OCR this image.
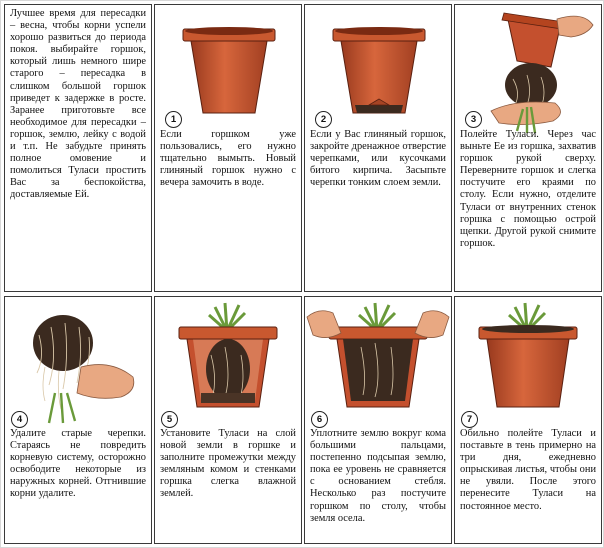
Лучшее время для пересадки – весна, чтобы корни успели хорошо развиться до периода покоя. выбирайте горшок, который лишь немного шире старого – пересадка в слишком большой горшок приведет к задержке в росте. Заранее приготовьте все необходимое для пересадки – горшок, землю, лейку с водой и т.п. Не забудьте принять полное омовение и помолиться Туласи простить Вас за беспокойства, доставляемые Ей.
1
Если горшком уже пользовались, его нужно тщательно вымыть. Новый глиняный горшок нужно с вечера замочить в воде.
2
Если у Вас глиняный горшок, закройте дренажное отверстие черепками, или кусочками битого кирпича. Засыпьте черепки тонким слоем земли.
3
Полейте Туласи. Через час выньте Ее из горшка, захватив горшок рукой сверху. Переверните горшок и слегка постучите его краями по столу. Если нужно, отделите Туласи от внутренних стенок горшка с помощью острой щепки. Другой рукой снимите горшок.
4
Удалите старые черепки. Стараясь не повредить корневую систему, осторожно освободите некоторые из наружных корней. Отгнившие корни удалите.
5
Установите Туласи на слой новой земли в горшке и заполните промежутки между земляным комом и стенками горшка слегка влажной землей.
6
Уплотните землю вокруг кома большими пальцами, постепенно подсыпая землю, пока ее уровень не сравняется с основанием стебля. Несколько раз постучите горшком по столу, чтобы земля осела.
7
Обильно полейте Туласи и поставьте в тень примерно на три дня, ежедневно опрыскивая листья, чтобы они не увяли. После этого перенесите Туласи на постоянное место.
